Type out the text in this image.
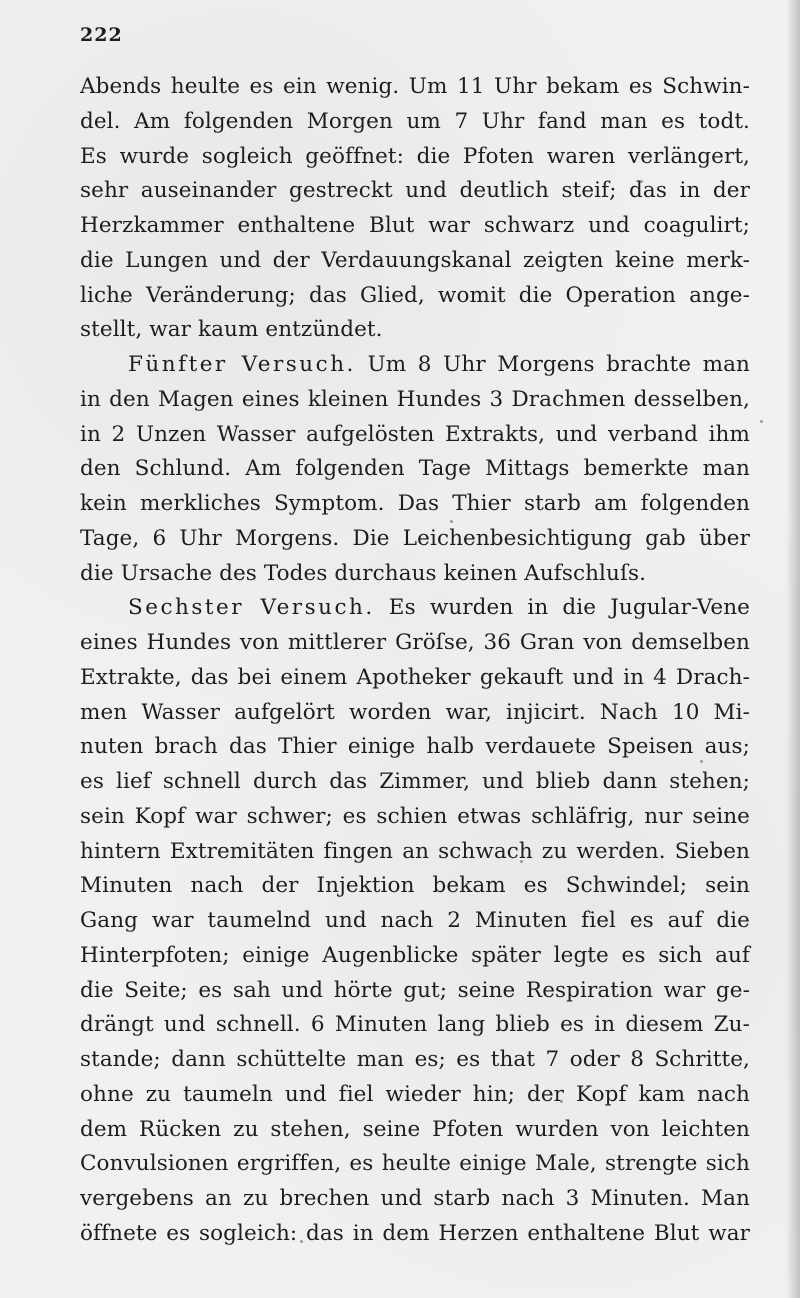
222
Abends heulte es ein wenig. Um 11 Uhr bekam es Schwin-
del. Am folgenden Morgen um 7 Uhr fand man es todt.
Es wurde sogleich geöffnet: die Pfoten waren verlängert,
sehr auseinander gestreckt und deutlich steif; das in der
Herzkammer enthaltene Blut war schwarz und coagulirt;
die Lungen und der Verdauungskanal zeigten keine merk-
liche Veränderung; das Glied, womit die Operation ange-
stellt, war kaum entzündet.
Fünfter Versuch. Um 8 Uhr Morgens brachte man
in den Magen eines kleinen Hundes 3 Drachmen desselben,
in 2 Unzen Wasser aufgelösten Extrakts, und verband ihm
den Schlund. Am folgenden Tage Mittags bemerkte man
kein merkliches Symptom. Das Thier starb am folgenden
Tage, 6 Uhr Morgens. Die Leichenbesichtigung gab über
die Ursache des Todes durchaus keinen Aufschluſs.
Sechster Versuch. Es wurden in die Jugular-Vene
eines Hundes von mittlerer Gröſse, 36 Gran von demselben
Extrakte, das bei einem Apotheker gekauft und in 4 Drach-
men Wasser aufgelört worden war, injicirt. Nach 10 Mi-
nuten brach das Thier einige halb verdauete Speisen aus;
es lief schnell durch das Zimmer, und blieb dann stehen;
sein Kopf war schwer; es schien etwas schläfrig, nur seine
hintern Extremitäten fingen an schwach zu werden. Sieben
Minuten nach der Injektion bekam es Schwindel; sein
Gang war taumelnd und nach 2 Minuten fiel es auf die
Hinterpfoten; einige Augenblicke später legte es sich auf
die Seite; es sah und hörte gut; seine Respiration war ge-
drängt und schnell. 6 Minuten lang blieb es in diesem Zu-
stande; dann schüttelte man es; es that 7 oder 8 Schritte,
ohne zu taumeln und fiel wieder hin; der Kopf kam nach
dem Rücken zu stehen, seine Pfoten wurden von leichten
Convulsionen ergriffen, es heulte einige Male, strengte sich
vergebens an zu brechen und starb nach 3 Minuten. Man
öffnete es sogleich: das in dem Herzen enthaltene Blut war
